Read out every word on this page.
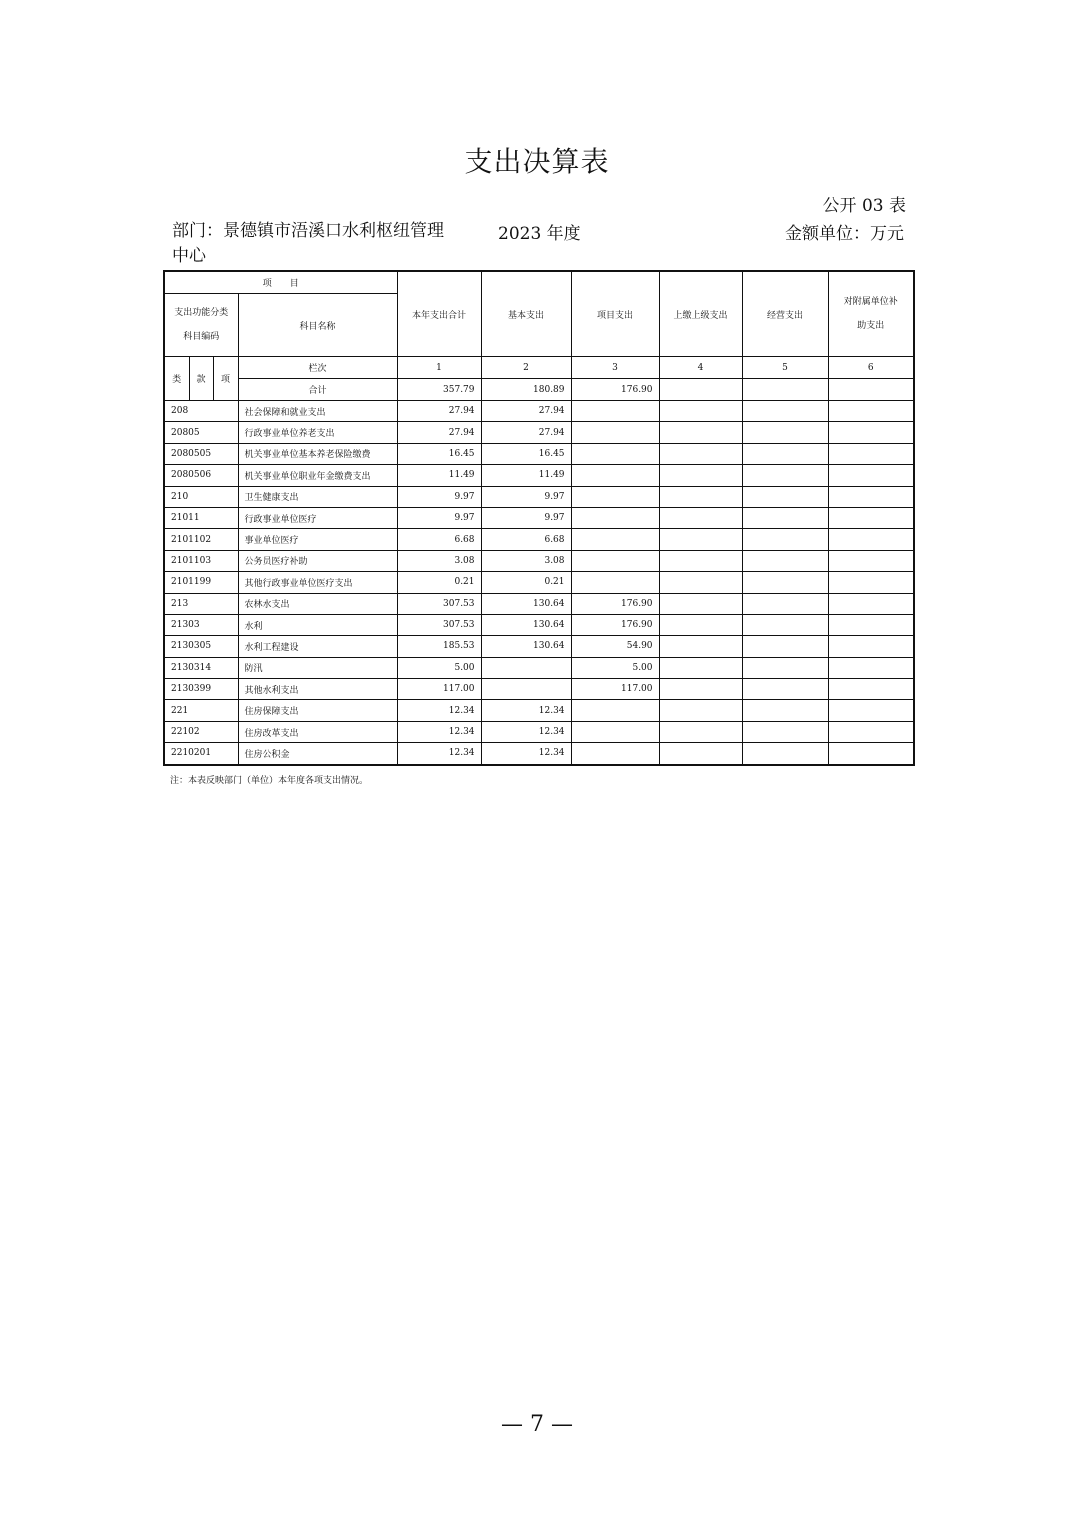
支出决算表
公开 03 表
部门：景德镇市浯溪口水利枢纽管理中心
2023 年度	金额单位：万元
项　　目				本年支出合计	基本支出	项目支出	上缴上级支出	经营支出	对附属单位补
助支出

支出功能分类
科目编码			科目名称						
类	款	项	栏次	1	2	3	4	5	6
			合计	357.79	180.89	176.90			
208			社会保障和就业支出	27.94	27.94				
20805			行政事业单位养老支出	27.94	27.94				
2080505			机关事业单位基本养老保险缴费	16.45	16.45				
2080506			机关事业单位职业年金缴费支出	11.49	11.49				
210			卫生健康支出	9.97	9.97				
21011			行政事业单位医疗	9.97	9.97				
2101102			事业单位医疗	6.68	6.68				
2101103			公务员医疗补助	3.08	3.08				
2101199			其他行政事业单位医疗支出	0.21	0.21				
213			农林水支出	307.53	130.64	176.90			
21303			水利	307.53	130.64	176.90			
2130305			水利工程建设	185.53	130.64	54.90			
2130314			防汛	5.00		5.00			
2130399			其他水利支出	117.00		117.00			
221			住房保障支出	12.34	12.34				
22102			住房改革支出	12.34	12.34				
2210201			住房公积金	12.34	12.34				
注：本表反映部门（单位）本年度各项支出情况。
— 7 —
